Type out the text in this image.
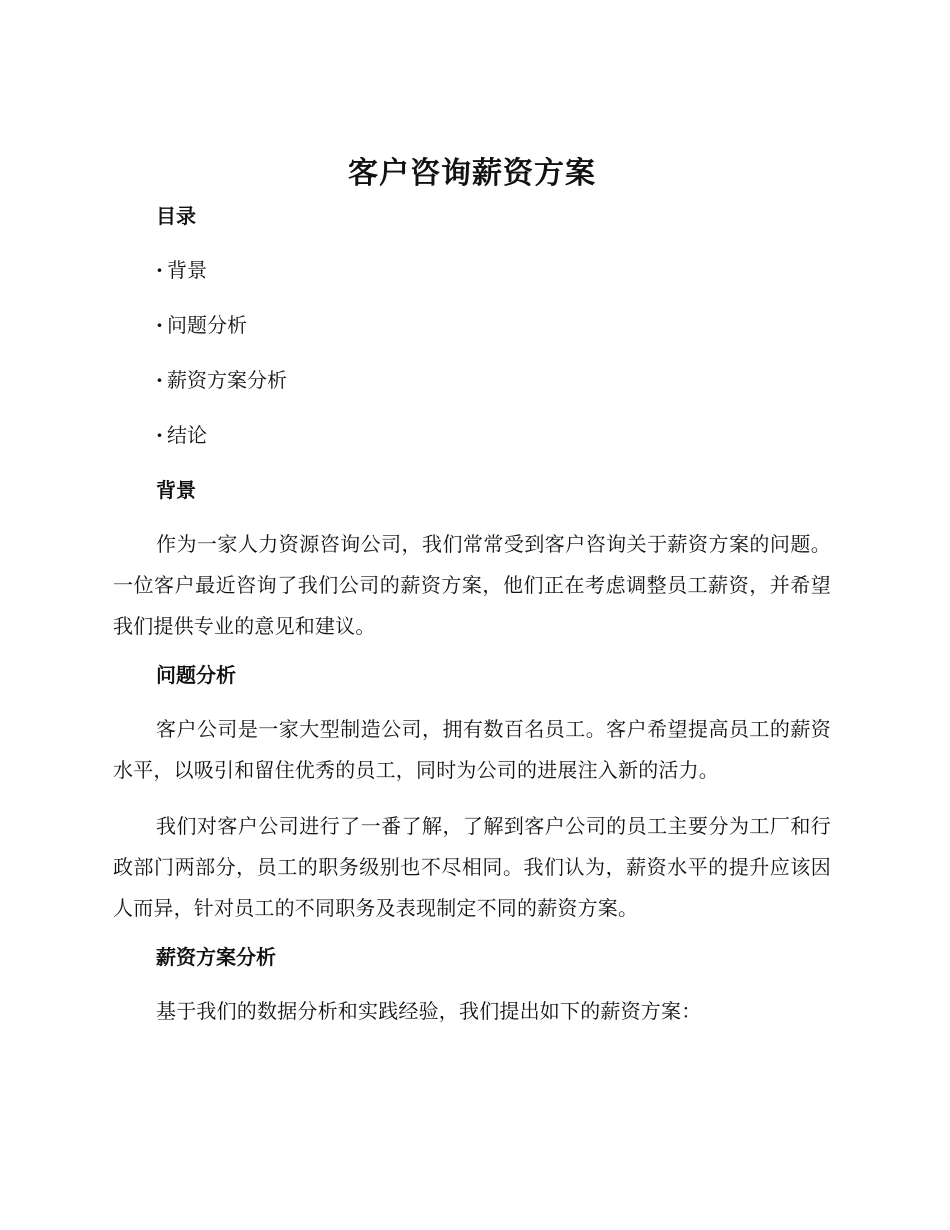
客户咨询薪资方案
目录

· 背景

· 问题分析

· 薪资方案分析

· 结论

背景

作为一家人力资源咨询公司，我们常常受到客户咨询关于薪资方案的问题。一位客户最近咨询了我们公司的薪资方案，他们正在考虑调整员工薪资，并希望我们提供专业的意见和建议。

问题分析

客户公司是一家大型制造公司，拥有数百名员工。客户希望提高员工的薪资水平，以吸引和留住优秀的员工，同时为公司的进展注入新的活力。

我们对客户公司进行了一番了解，了解到客户公司的员工主要分为工厂和行政部门两部分，员工的职务级别也不尽相同。我们认为，薪资水平的提升应该因人而异，针对员工的不同职务及表现制定不同的薪资方案。

薪资方案分析

基于我们的数据分析和实践经验，我们提出如下的薪资方案：
